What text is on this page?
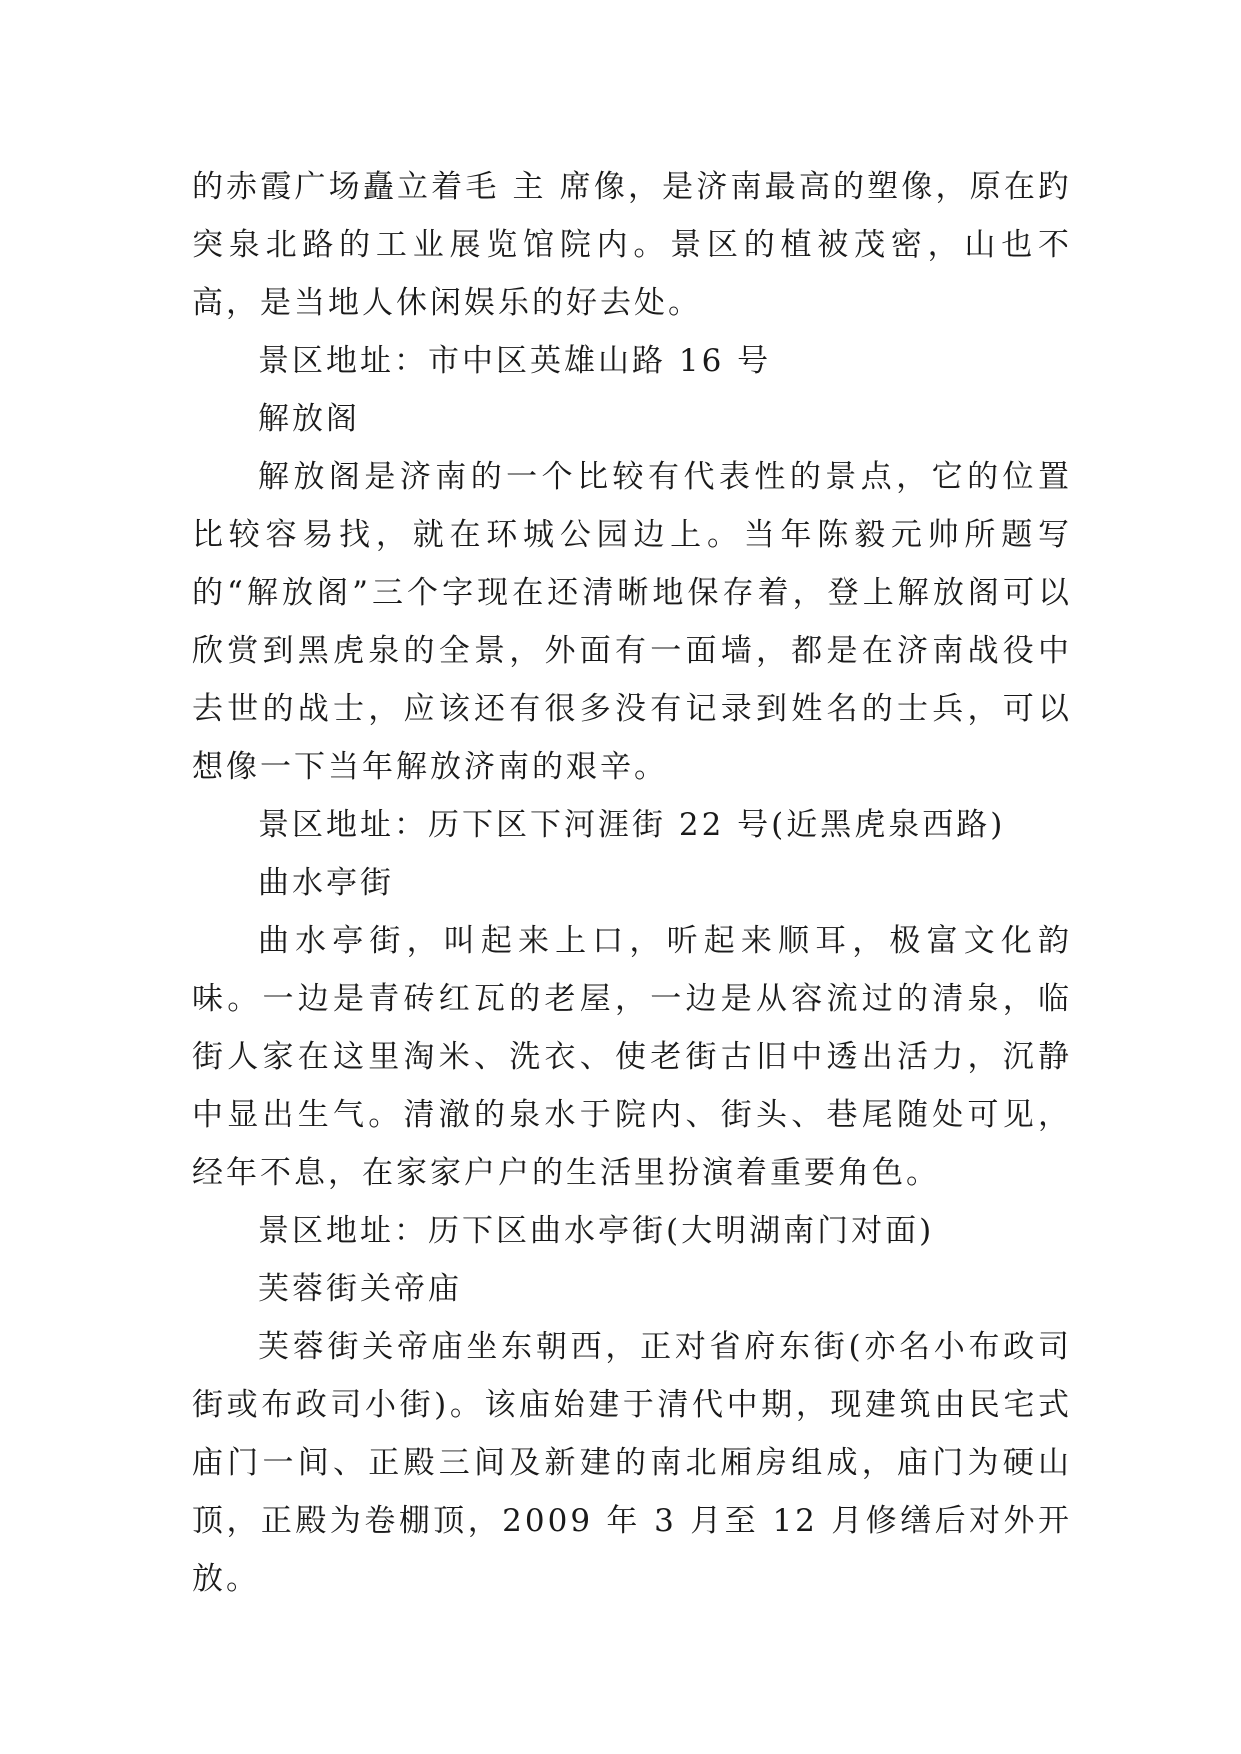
的赤霞广场矗立着毛 主 席像，是济南最高的塑像，原在趵突泉北路的工业展览馆院内。景区的植被茂密，山也不高，是当地人休闲娱乐的好去处。

景区地址：市中区英雄山路 16 号

解放阁

解放阁是济南的一个比较有代表性的景点，它的位置比较容易找，就在环城公园边上。当年陈毅元帅所题写的“解放阁”三个字现在还清晰地保存着，登上解放阁可以欣赏到黑虎泉的全景，外面有一面墙，都是在济南战役中去世的战士，应该还有很多没有记录到姓名的士兵，可以想像一下当年解放济南的艰辛。

景区地址：历下区下河涯街 22 号(近黑虎泉西路)

曲水亭街

曲水亭街，叫起来上口，听起来顺耳，极富文化韵味。一边是青砖红瓦的老屋，一边是从容流过的清泉，临街人家在这里淘米、洗衣、使老街古旧中透出活力，沉静中显出生气。清澈的泉水于院内、街头、巷尾随处可见，经年不息，在家家户户的生活里扮演着重要角色。

景区地址：历下区曲水亭街(大明湖南门对面)

芙蓉街关帝庙

芙蓉街关帝庙坐东朝西，正对省府东街(亦名小布政司街或布政司小街)。该庙始建于清代中期，现建筑由民宅式庙门一间、正殿三间及新建的南北厢房组成，庙门为硬山顶，正殿为卷棚顶，2009 年 3 月至 12 月修缮后对外开放。
